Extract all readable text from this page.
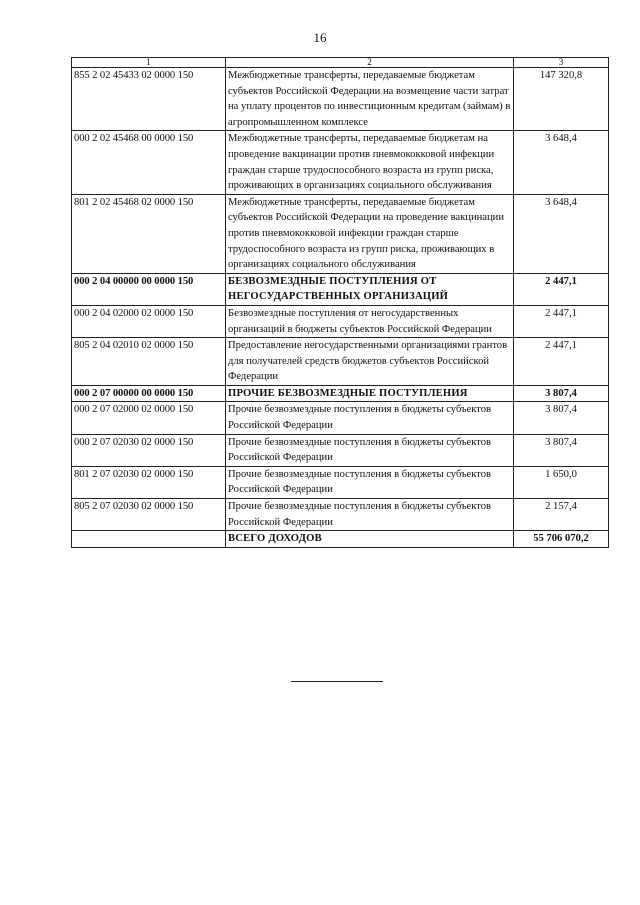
16
1	2	3
855 2 02 45433 02 0000 150	Межбюджетные трансферты, передаваемые бюджетам субъектов Российской Федерации на возмещение части затрат на уплату процентов по инвестиционным кредитам (займам) в агропромышленном комплексе	147 320,8
000 2 02 45468 00 0000 150	Межбюджетные трансферты, передаваемые бюджетам на проведение вакцинации против пневмококковой инфекции граждан старше трудоспособного возраста из групп риска, проживающих в организациях социального обслуживания	3 648,4
801 2 02 45468 02 0000 150	Межбюджетные трансферты, передаваемые бюджетам субъектов Российской Федерации на проведение вакцинации против пневмококковой инфекции граждан старше трудоспособного возраста из групп риска, проживающих в организациях социального обслуживания	3 648,4
000 2 04 00000 00 0000 150	БЕЗВОЗМЕЗДНЫЕ ПОСТУПЛЕНИЯ ОТ НЕГОСУДАРСТВЕННЫХ ОРГАНИЗАЦИЙ	2 447,1
000 2 04 02000 02 0000 150	Безвозмездные поступления от негосударственных организаций в бюджеты субъектов Российской Федерации	2 447,1
805 2 04 02010 02 0000 150	Предоставление негосударственными организациями грантов для получателей средств бюджетов субъектов Российской Федерации	2 447,1
000 2 07 00000 00 0000 150	ПРОЧИЕ БЕЗВОЗМЕЗДНЫЕ ПОСТУПЛЕНИЯ	3 807,4
000 2 07 02000 02 0000 150	Прочие безвозмездные поступления в бюджеты субъектов Российской Федерации	3 807,4
000 2 07 02030 02 0000 150	Прочие безвозмездные поступления в бюджеты субъектов Российской Федерации	3 807,4
801 2 07 02030 02 0000 150	Прочие безвозмездные поступления в бюджеты субъектов Российской Федерации	1 650,0
805 2 07 02030 02 0000 150	Прочие безвозмездные поступления в бюджеты субъектов Российской Федерации	2 157,4
	ВСЕГО ДОХОДОВ	55 706 070,2
